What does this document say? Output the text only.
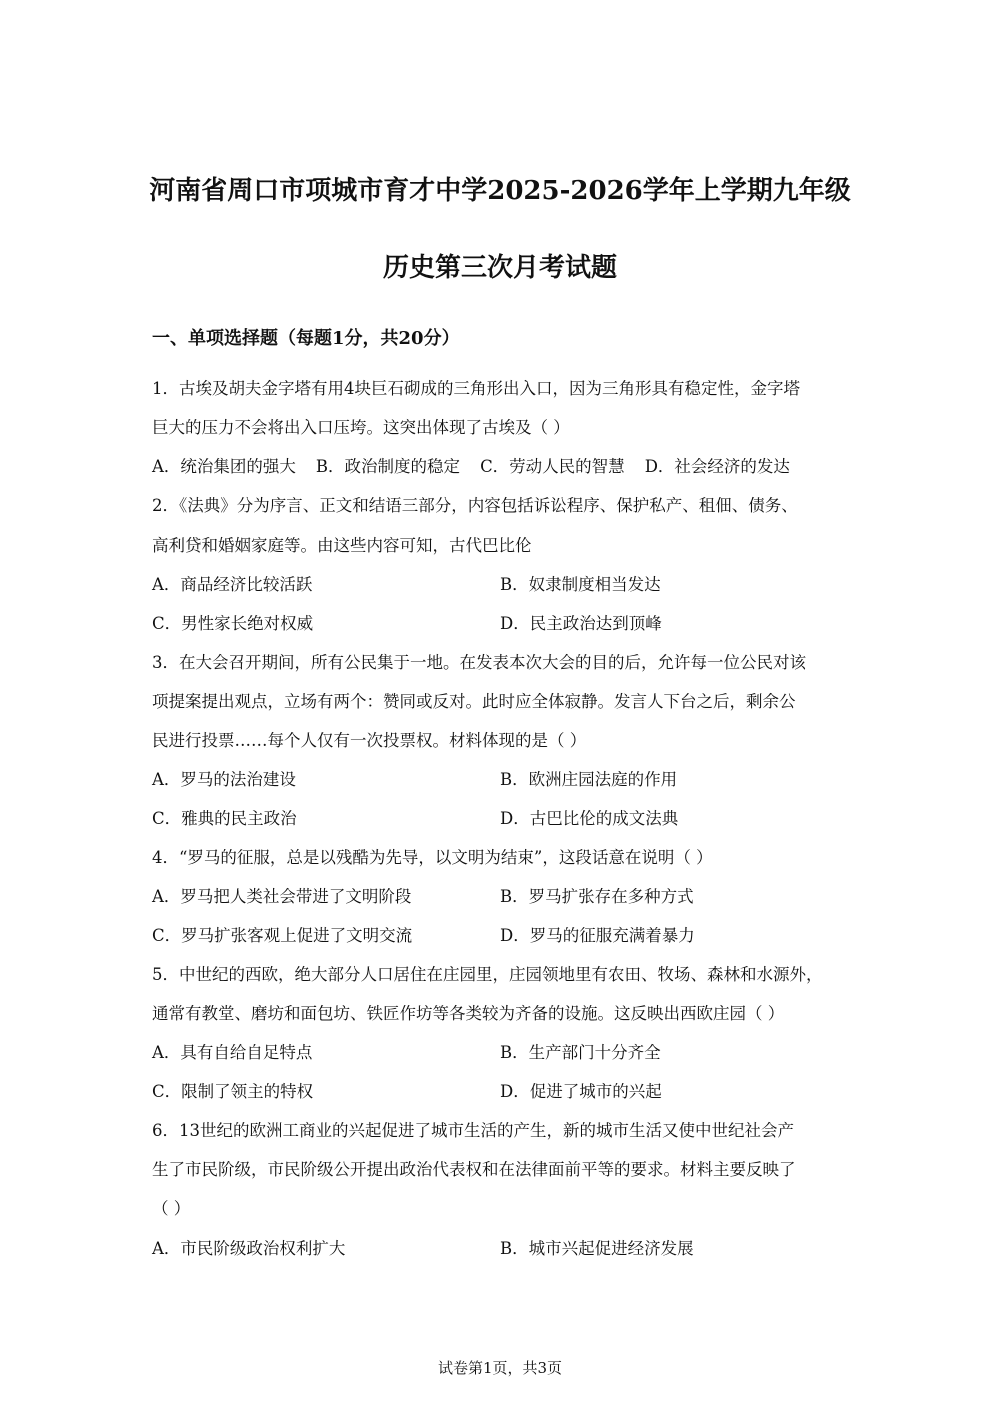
河南省周口市项城市育才中学2025-2026学年上学期九年级
历史第三次月考试题
一、单项选择题（每题1分，共20分）
1．古埃及胡夫金字塔有用4块巨石砌成的三角形出入口，因为三角形具有稳定性，金字塔
巨大的压力不会将出入口压垮。这突出体现了古埃及（ ）
A．统治集团的强大 B．政治制度的稳定 C．劳动人民的智慧 D．社会经济的发达
2．《法典》分为序言、正文和结语三部分，内容包括诉讼程序、保护私产、租佃、债务、
高利贷和婚姻家庭等。由这些内容可知，古代巴比伦
A．商品经济比较活跃	B．奴隶制度相当发达
C．男性家长绝对权威	D．民主政治达到顶峰
3．在大会召开期间，所有公民集于一地。在发表本次大会的目的后，允许每一位公民对该
项提案提出观点，立场有两个：赞同或反对。此时应全体寂静。发言人下台之后，剩余公
民进行投票……每个人仅有一次投票权。材料体现的是（ ）
A．罗马的法治建设	B．欧洲庄园法庭的作用
C．雅典的民主政治	D．古巴比伦的成文法典
4．“罗马的征服，总是以残酷为先导，以文明为结束”，这段话意在说明（ ）
A．罗马把人类社会带进了文明阶段	B．罗马扩张存在多种方式
C．罗马扩张客观上促进了文明交流	D．罗马的征服充满着暴力
5．中世纪的西欧，绝大部分人口居住在庄园里，庄园领地里有农田、牧场、森林和水源外，
通常有教堂、磨坊和面包坊、铁匠作坊等各类较为齐备的设施。这反映出西欧庄园（ ）
A．具有自给自足特点	B．生产部门十分齐全
C．限制了领主的特权	D．促进了城市的兴起
6．13世纪的欧洲工商业的兴起促进了城市生活的产生，新的城市生活又使中世纪社会产
生了市民阶级，市民阶级公开提出政治代表权和在法律面前平等的要求。材料主要反映了
（ ）
A．市民阶级政治权利扩大	B．城市兴起促进经济发展
试卷第1页，共3页
